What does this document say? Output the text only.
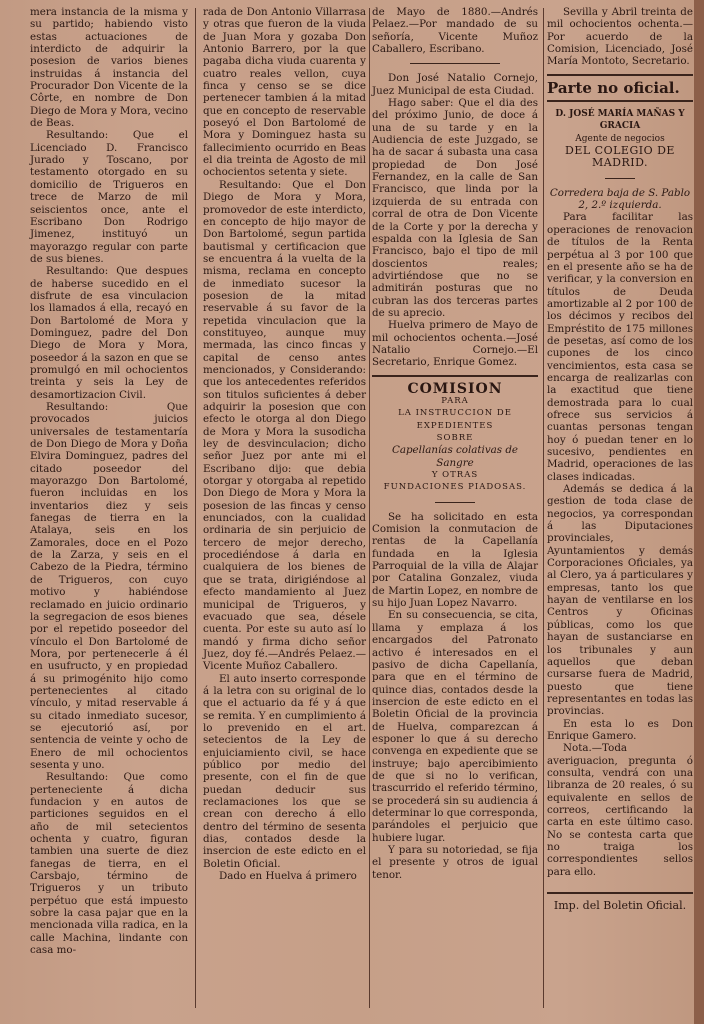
mera instancia de la misma y su partido; habiendo visto estas actuaciones de interdicto de adquirir la posesion de varios bienes instruidas á instancia del Procurador Don Vicente de la Côrte, en nombre de Don Diego de Mora y Mora, vecino de Beas.

Resultando: Que el Licenciado D. Francisco Jurado y Toscano, por testamento otorgado en su domicilio de Trigueros en trece de Marzo de mil seiscientos once, ante el Escribano Don Rodrigo Jimenez, instituyó un mayorazgo regular con parte de sus bienes.

Resultando: Que despues de haberse sucedido en el disfrute de esa vinculacion los llamados á ella, recayó en Don Bartolomé de Mora y Dominguez, padre del Don Diego de Mora y Mora, poseedor á la sazon en que se promulgó en mil ochocientos treinta y seis la Ley de desamortizacion Civil.

Resultando: Que provocados juicios universales de testamentaría de Don Diego de Mora y Doña Elvira Dominguez, padres del citado poseedor del mayorazgo Don Bartolomé, fueron incluidas en los inventarios diez y seis fanegas de tierra en la Atalaya, seis en los Zamorales, doce en el Pozo de la Zarza, y seis en el Cabezo de la Piedra, término de Trigueros, con cuyo motivo y habiéndose reclamado en juicio ordinario la segregacion de esos bienes por el repetido poseedor del vínculo el Don Bartolomé de Mora, por pertenecerle á él en usufructo, y en propiedad á su primogénito hijo como pertenecientes al citado vínculo, y mitad reservable á su citado inmediato sucesor, se ejecutorió así, por sentencia de veinte y ocho de Enero de mil ochocientos sesenta y uno.

Resultando: Que como perteneciente á dicha fundacion y en autos de particiones seguidos en el año de mil setecientos ochenta y cuatro, figuran tambien una suerte de diez fanegas de tierra, en el Carsbajo, término de Trigueros y un tributo perpétuo que está impuesto sobre la casa pajar que en la mencionada villa radica, en la calle Machina, lindante con casa mo-

rada de Don Antonio Villarrasa y otras que fueron de la viuda de Juan Mora y gozaba Don Antonio Barrero, por la que pagaba dicha viuda cuarenta y cuatro reales vellon, cuya finca y censo se se dice pertenecer tambien á la mitad que en concepto de reservable poseyó el Don Bartolomé de Mora y Dominguez hasta su fallecimiento ocurrido en Beas el dia treinta de Agosto de mil ochocientos setenta y siete.

Resultando: Que el Don Diego de Mora y Mora, promovedor de este interdicto, en concepto de hijo mayor de Don Bartolomé, segun partida bautismal y certificacion que se encuentra á la vuelta de la misma, reclama en concepto de inmediato sucesor la posesion de la mitad reservable á su favor de la repetida vinculacion que la constituyeo, aunque muy mermada, las cinco fincas y capital de censo antes mencionados, y Considerando: que los antecedentes referidos son titulos suficientes á deber adquirir la posesion que con efecto le otorga al don Diego de Mora y Mora la susodicha ley de desvinculacion; dicho señor Juez por ante mi el Escribano dijo: que debia otorgar y otorgaba al repetido Don Diego de Mora y Mora la posesion de las fincas y censo enunciados, con la cualidad ordinaria de sin perjuicio de tercero de mejor derecho, procediéndose á darla en cualquiera de los bienes de que se trata, dirigiéndose al efecto mandamiento al Juez municipal de Trigueros, y evacuado que sea, désele cuenta. Por este su auto así lo mandó y firma dicho señor Juez, doy fé.—Andrés Pelaez.—Vicente Muñoz Caballero.

El auto inserto corresponde á la letra con su original de lo que el actuario da fé y á que se remita. Y en cumplimiento á lo prevenido en el art. setecientos de la Ley de enjuiciamiento civil, se hace público por medio del presente, con el fin de que puedan deducir sus reclamaciones los que se crean con derecho á ello dentro del término de sesenta dias, contados desde la insercion de este edicto en el Boletin Oficial.

Dado en Huelva á primero

de Mayo de 1880.—Andrés Pelaez.—Por mandado de su señoría, Vicente Muñoz Caballero, Escribano.

Don José Natalio Cornejo, Juez Municipal de esta Ciudad.

Hago saber: Que el dia des del próximo Junio, de doce á una de su tarde y en la Audiencia de este Juzgado, se ha de sacar á subasta una casa propiedad de Don José Fernandez, en la calle de San Francisco, que linda por la izquierda de su entrada con corral de otra de Don Vicente de la Corte y por la derecha y espalda con la Iglesia de San Francisco, bajo el tipo de mil doscientos reales; advirtiéndose que no se admitirán posturas que no cubran las dos terceras partes de su aprecio.

Huelva primero de Mayo de mil ochocientos ochenta.—José Natalio Cornejo.—El Secretario, Enrique Gomez.

COMISION

PARA

LA INSTRUCCION DE EXPEDIENTES

SOBRE

Capellanías colativas de Sangre

Y OTRAS

FUNDACIONES PIADOSAS.

Se ha solicitado en esta Comision la conmutacion de rentas de la Capellanía fundada en la Iglesia Parroquial de la villa de Alajar por Catalina Gonzalez, viuda de Martin Lopez, en nombre de su hijo Juan Lopez Navarro.

En su consecuencia, se cita, llama y emplaza á los encargados del Patronato activo é interesados en el pasivo de dicha Capellanía, para que en el término de quince dias, contados desde la insercion de este edicto en el Boletin Oficial de la provincia de Huelva, comparezcan á esponer lo que á su derecho convenga en expediente que se instruye; bajo apercibimiento de que si no lo verifican, trascurrido el referido término, se procederá sin su audiencia á determinar lo que corresponda, parándoles el perjuicio que hubiere lugar.

Y para su notoriedad, se fija el presente y otros de igual tenor.

Sevilla y Abril treinta de mil ochocientos ochenta.—Por acuerdo de la Comision, Licenciado, José María Montoto, Secretario.

Parte no oficial.

D. JOSÉ MARÍA MAÑAS Y GRACIA

Agente de negocios

DEL COLEGIO DE MADRID.

Corredera baja de S. Pablo 2, 2.º izquierda.

Para facilitar las operaciones de renovacion de títulos de la Renta perpétua al 3 por 100 que en el presente año se ha de verificar, y la conversion en títulos de Deuda amortizable al 2 por 100 de los décimos y recibos del Empréstito de 175 millones de pesetas, así como de los cupones de los cinco vencimientos, esta casa se encarga de realizarlas con la exactitud que tiene demostrada para lo cual ofrece sus servicios á cuantas personas tengan hoy ó puedan tener en lo sucesivo, pendientes en Madrid, operaciones de las clases indicadas.

Además se dedica á la gestion de toda clase de negocios, ya correspondan á las Diputaciones provinciales, Ayuntamientos y demás Corporaciones Oficiales, ya al Clero, ya á particulares y empresas, tanto los que hayan de ventilarse en los Centros y Oficinas públicas, como los que hayan de sustanciarse en los tribunales y aun aquellos que deban cursarse fuera de Madrid, puesto que tiene representantes en todas las provincias.

En esta lo es Don Enrique Gamero.

Nota.—Toda averiguacion, pregunta ó consulta, vendrá con una libranza de 20 reales, ó su equivalente en sellos de correos, certificando la carta en este último caso. No se contesta carta que no traiga los correspondientes sellos para ello.

Imp. del Boletin Oficial.
